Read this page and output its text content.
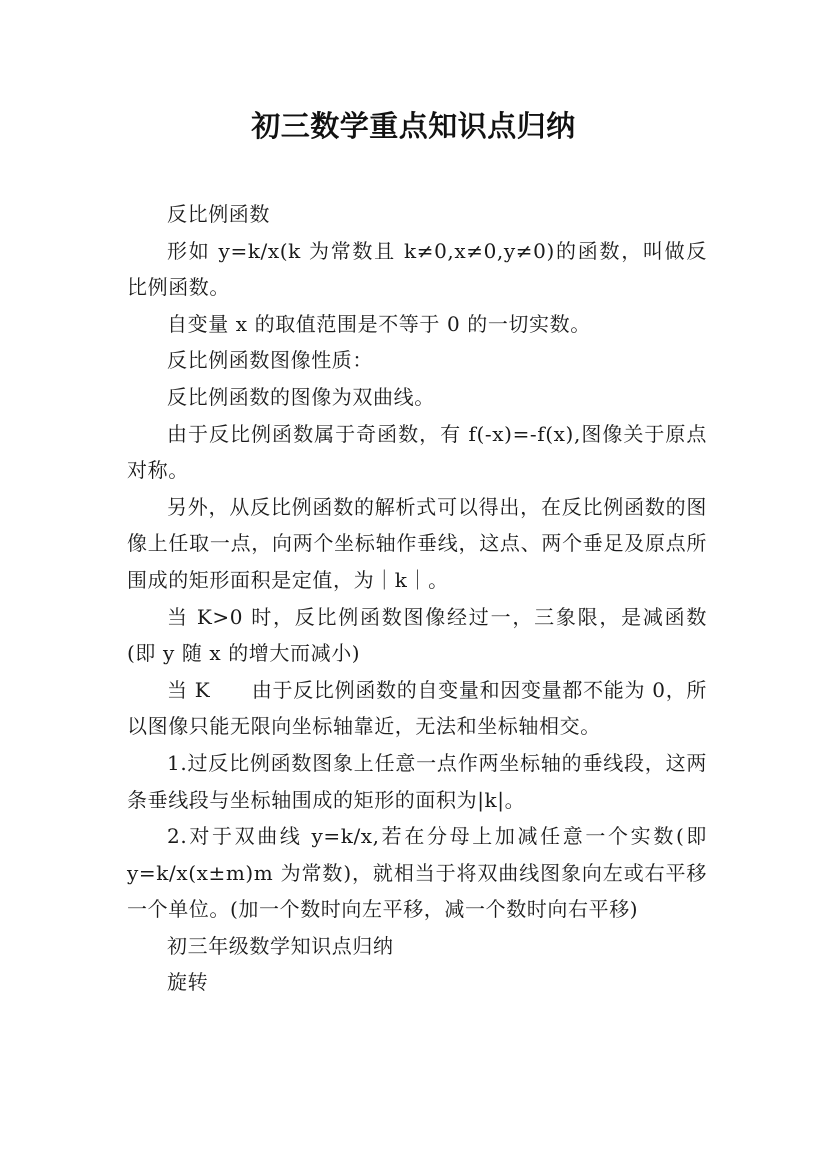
初三数学重点知识点归纳

反比例函数

形如 y=k/x(k 为常数且 k≠0,x≠0,y≠0)的函数，叫做反比例函数。

自变量 x 的取值范围是不等于 0 的一切实数。

反比例函数图像性质：

反比例函数的图像为双曲线。

由于反比例函数属于奇函数，有 f(-x)=-f(x),图像关于原点对称。

另外，从反比例函数的解析式可以得出，在反比例函数的图像上任取一点，向两个坐标轴作垂线，这点、两个垂足及原点所围成的矩形面积是定值，为｜k｜。

当 K>0 时，反比例函数图像经过一，三象限，是减函数(即 y 随 x 的增大而减小)

当 K　　由于反比例函数的自变量和因变量都不能为 0，所以图像只能无限向坐标轴靠近，无法和坐标轴相交。

1.过反比例函数图象上任意一点作两坐标轴的垂线段，这两条垂线段与坐标轴围成的矩形的面积为|k|。

2.对于双曲线 y=k/x,若在分母上加减任意一个实数(即 y=k/x(x±m)m 为常数)，就相当于将双曲线图象向左或右平移一个单位。(加一个数时向左平移，减一个数时向右平移)

初三年级数学知识点归纳

旋转
